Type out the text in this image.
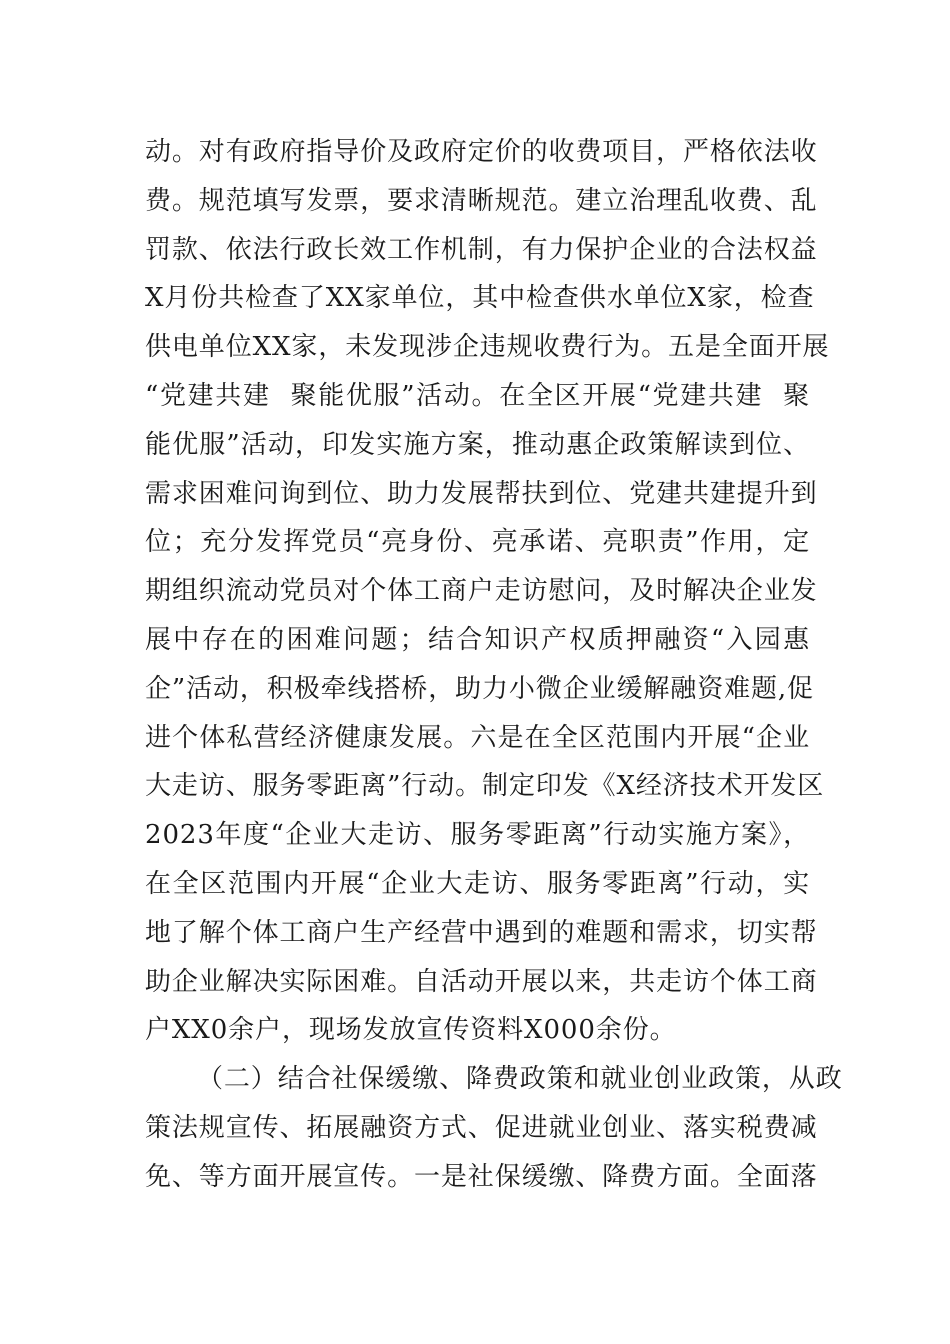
动。对有政府指导价及政府定价的收费项目，严格依法收
费。规范填写发票，要求清晰规范。建立治理乱收费、乱
罚款、依法行政长效工作机制，有力保护企业的合法权益
X月份共检查了XX家单位，其中检查供水单位X家，检查
供电单位XX家，未发现涉企违规收费行为。五是全面开展
“党建共建  聚能优服”活动。在全区开展“党建共建  聚
能优服”活动，印发实施方案，推动惠企政策解读到位、
需求困难问询到位、助力发展帮扶到位、党建共建提升到
位；充分发挥党员“亮身份、亮承诺、亮职责”作用，定
期组织流动党员对个体工商户走访慰问，及时解决企业发
展中存在的困难问题；结合知识产权质押融资“入园惠
企”活动，积极牵线搭桥，助力小微企业缓解融资难题,促
进个体私营经济健康发展。六是在全区范围内开展“企业
大走访、服务零距离”行动。制定印发《X经济技术开发区
2023年度“企业大走访、服务零距离”行动实施方案》，
在全区范围内开展“企业大走访、服务零距离”行动，实
地了解个体工商户生产经营中遇到的难题和需求，切实帮
助企业解决实际困难。自活动开展以来，共走访个体工商
户XX0余户，现场发放宣传资料X000余份。
（二）结合社保缓缴、降费政策和就业创业政策，从政
策法规宣传、拓展融资方式、促进就业创业、落实税费减
免、等方面开展宣传。一是社保缓缴、降费方面。全面落
